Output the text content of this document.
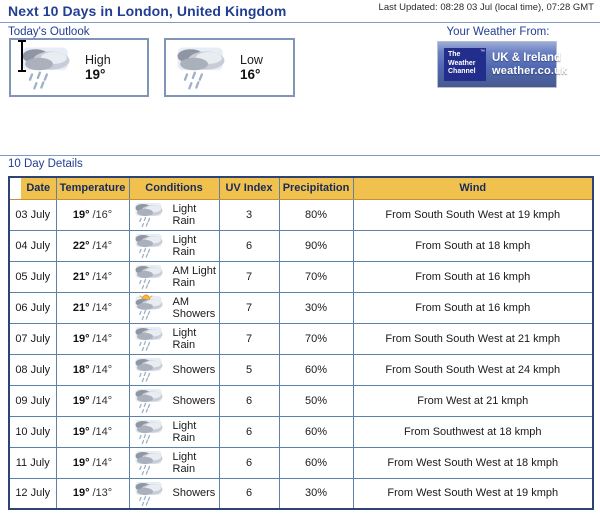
Next 10 Days in London, United Kingdom	Last Updated: 08:28 03 Jul (local time), 07:28 GMT
Today's Outlook	Your Weather From:
High
19°
Low
16°
The
Weather
Channel
™ UK & Ireland
weather.co.uk
10 Day Details
Date	Temperature	Conditions	UV Index	Precipitation	Wind
03 July	19° /16°	Light Rain	3	80%	From South South West at 19 kmph
04 July	22° /14°	Light Rain	6	90%	From South at 18 kmph
05 July	21° /14°	AM Light Rain	7	70%	From South at 16 kmph
06 July	21° /14°	AM Showers	7	30%	From South at 16 kmph
07 July	19° /14°	Light Rain	7	70%	From South South West at 21 kmph
08 July	18° /14°	Showers	5	60%	From South South West at 24 kmph
09 July	19° /14°	Showers	6	50%	From West at 21 kmph
10 July	19° /14°	Light Rain	6	60%	From Southwest at 18 kmph
11 July	19° /14°	Light Rain	6	60%	From West South West at 18 kmph
12 July	19° /13°	Showers	6	30%	From West South West at 19 kmph
